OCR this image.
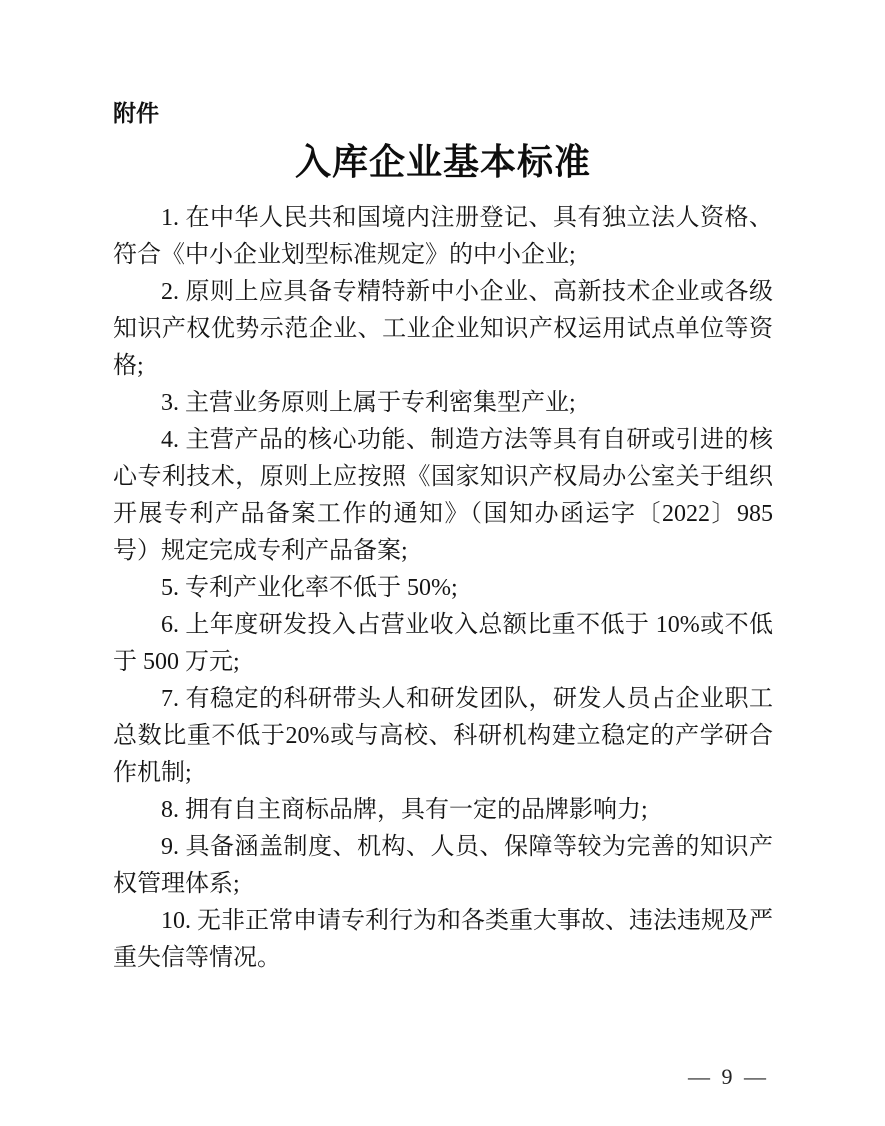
附件
入库企业基本标准

1. 在中华人民共和国境内注册登记、具有独立法人资格、符合《中小企业划型标准规定》的中小企业;

2. 原则上应具备专精特新中小企业、高新技术企业或各级知识产权优势示范企业、工业企业知识产权运用试点单位等资格;

3. 主营业务原则上属于专利密集型产业;

4. 主营产品的核心功能、制造方法等具有自研或引进的核心专利技术，原则上应按照《国家知识产权局办公室关于组织开展专利产品备案工作的通知》（国知办函运字〔2022〕985 号）规定完成专利产品备案;

5. 专利产业化率不低于 50%;

6. 上年度研发投入占营业收入总额比重不低于 10%或不低于 500 万元;

7. 有稳定的科研带头人和研发团队，研发人员占企业职工总数比重不低于20%或与高校、科研机构建立稳定的产学研合作机制;

8. 拥有自主商标品牌，具有一定的品牌影响力;

9. 具备涵盖制度、机构、人员、保障等较为完善的知识产权管理体系;

10. 无非正常申请专利行为和各类重大事故、违法违规及严重失信等情况。

— 9 —
